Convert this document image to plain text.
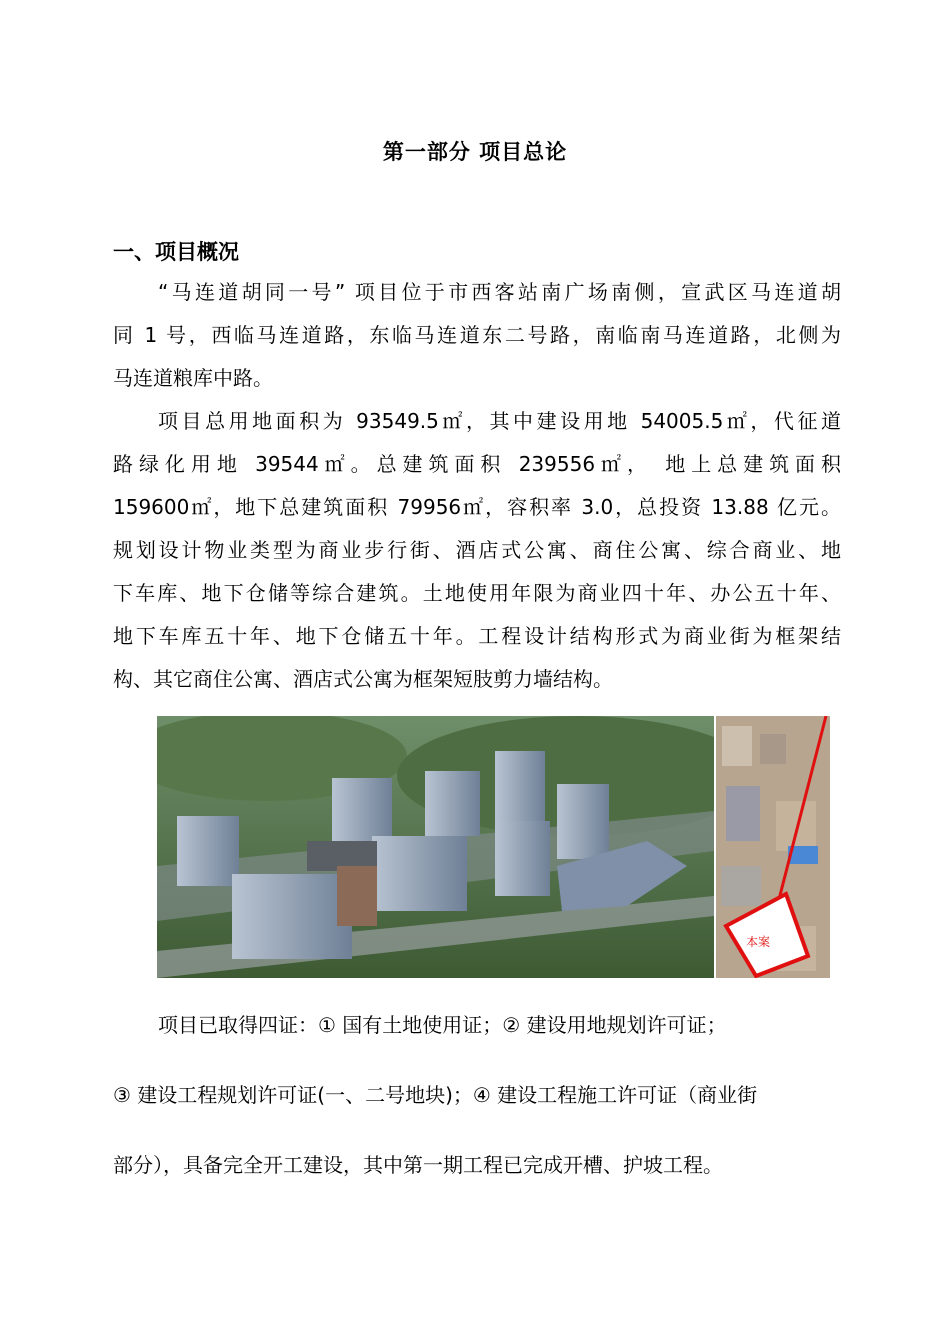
第一部分 项目总论
一、项目概况
“马连道胡同一号” 项目位于市西客站南广场南侧，宣武区马连道胡
同 1 号，西临马连道路，东临马连道东二号路，南临南马连道路，北侧为
马连道粮库中路。
项目总用地面积为 93549.5㎡，其中建设用地 54005.5㎡，代征道
路绿化用地 39544㎡。总建筑面积 239556㎡， 地上总建筑面积
159600㎡，地下总建筑面积 79956㎡，容积率 3.0，总投资 13.88 亿元。
规划设计物业类型为商业步行街、酒店式公寓、商住公寓、综合商业、地
下车库、地下仓储等综合建筑。土地使用年限为商业四十年、办公五十年、
地下车库五十年、地下仓储五十年。工程设计结构形式为商业街为框架结
构、其它商住公寓、酒店式公寓为框架短肢剪力墙结构。
本案
项目已取得四证：① 国有土地使用证；② 建设用地规划许可证；
③ 建设工程规划许可证(一、二号地块)；④ 建设工程施工许可证（商业街
部分），具备完全开工建设，其中第一期工程已完成开槽、护坡工程。
